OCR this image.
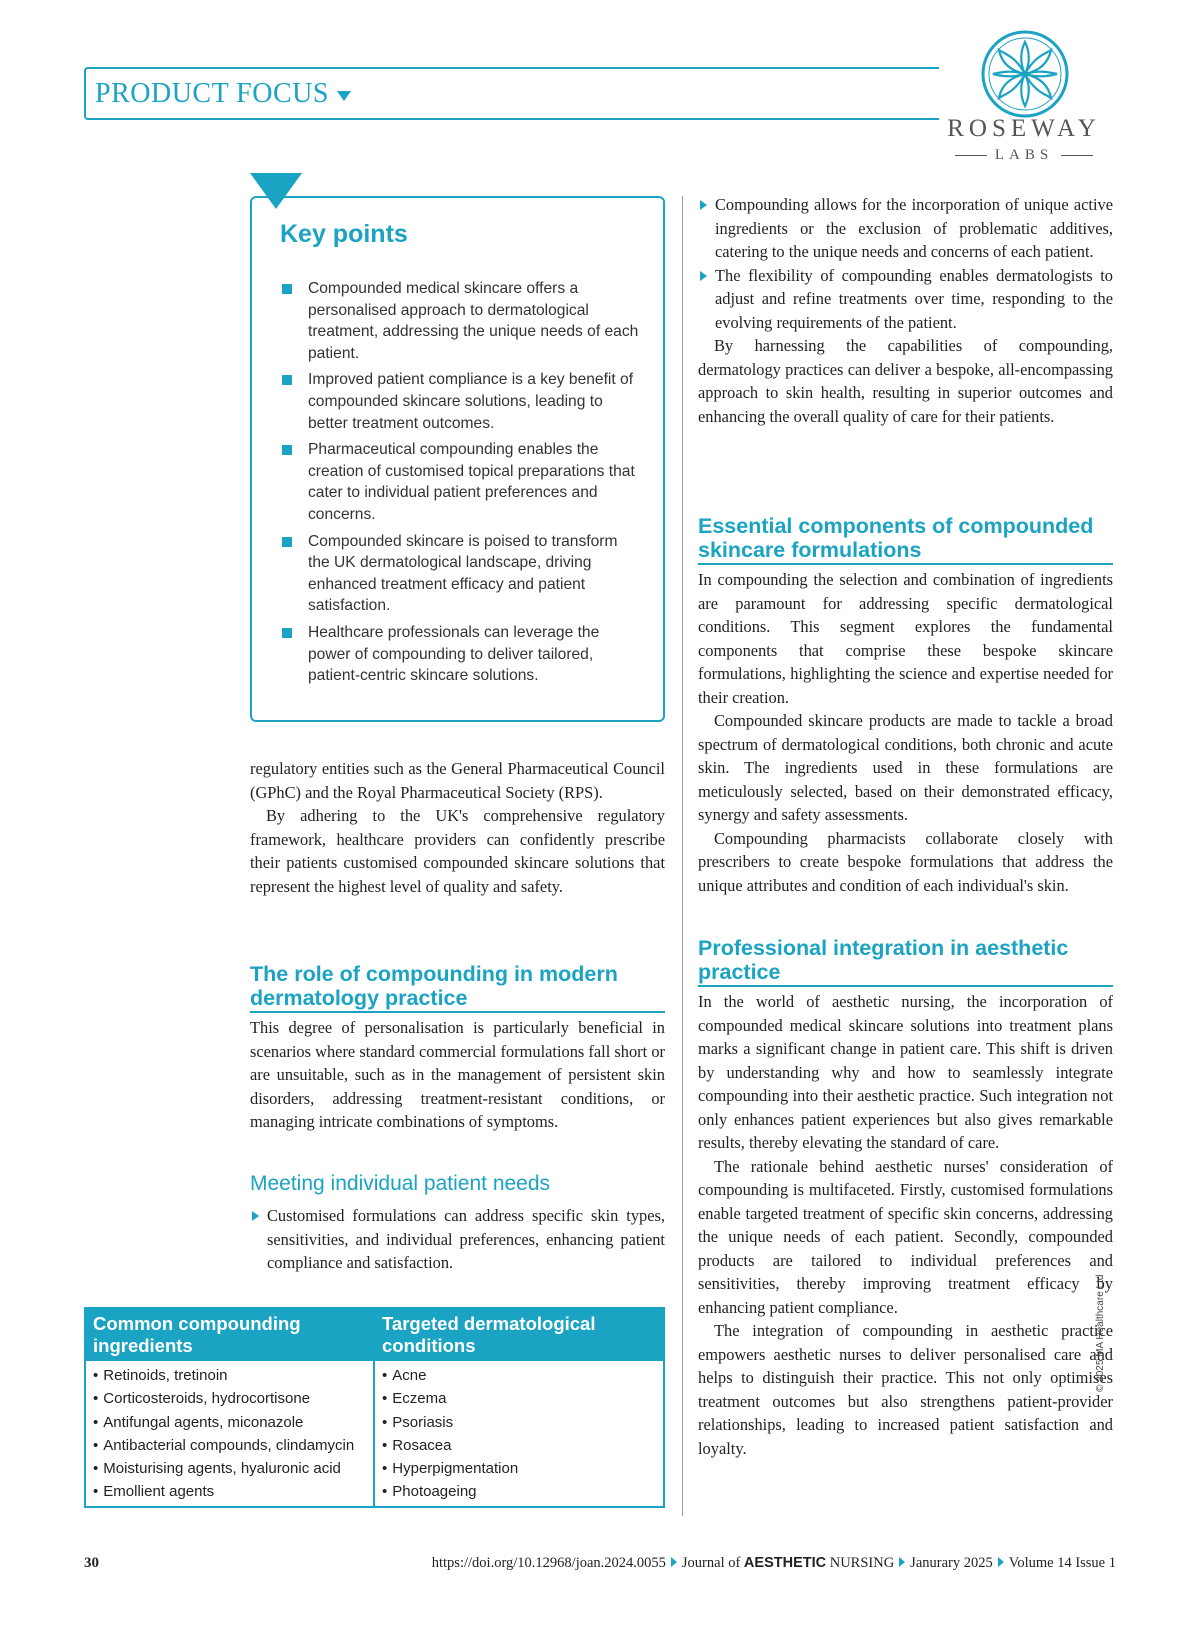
PRODUCT FOCUS
ROSEWAY
LABS
Key points
Compounded medical skincare offers a personalised approach to dermatological treatment, addressing the unique needs of each patient.
Improved patient compliance is a key benefit of compounded skincare solutions, leading to better treatment outcomes.
Pharmaceutical compounding enables the creation of customised topical preparations that cater to individual patient preferences and concerns.
Compounded skincare is poised to transform the UK dermatological landscape, driving enhanced treatment efficacy and patient satisfaction.
Healthcare professionals can leverage the power of compounding to deliver tailored, patient-centric skincare solutions.

regulatory entities such as the General Pharmaceutical Council (GPhC) and the Royal Pharmaceutical Society (RPS).

By adhering to the UK's comprehensive regulatory framework, healthcare providers can confidently prescribe their patients customised compounded skincare solutions that represent the highest level of quality and safety.

The role of compounding in modern dermatology practice

This degree of personalisation is particularly beneficial in scenarios where standard commercial formulations fall short or are unsuitable, such as in the management of persistent skin disorders, addressing treatment-resistant conditions, or managing intricate combinations of symptoms.

Meeting individual patient needs
Customised formulations can address specific skin types, sensitivities, and individual preferences, enhancing patient compliance and satisfaction.
Common compounding ingredients
Targeted dermatological conditions
• Retinoids, tretinoin
• Corticosteroids, hydrocortisone
• Antifungal agents, miconazole
• Antibacterial compounds, clindamycin
• Moisturising agents, hyaluronic acid
• Emollient agents
• Acne
• Eczema
• Psoriasis
• Rosacea
• Hyperpigmentation
• Photoageing
Compounding allows for the incorporation of unique active ingredients or the exclusion of problematic additives, catering to the unique needs and concerns of each patient.
The flexibility of compounding enables dermatologists to adjust and refine treatments over time, responding to the evolving requirements of the patient.

By harnessing the capabilities of compounding, dermatology practices can deliver a bespoke, all-encompassing approach to skin health, resulting in superior outcomes and enhancing the overall quality of care for their patients.

Essential components of compounded skincare formulations

In compounding the selection and combination of ingredients are paramount for addressing specific dermatological conditions. This segment explores the fundamental components that comprise these bespoke skincare formulations, highlighting the science and expertise needed for their creation.

Compounded skincare products are made to tackle a broad spectrum of dermatological conditions, both chronic and acute skin. The ingredients used in these formulations are meticulously selected, based on their demonstrated efficacy, synergy and safety assessments.

Compounding pharmacists collaborate closely with prescribers to create bespoke formulations that address the unique attributes and condition of each individual's skin.

Professional integration in aesthetic practice

In the world of aesthetic nursing, the incorporation of compounded medical skincare solutions into treatment plans marks a significant change in patient care. This shift is driven by understanding why and how to seamlessly integrate compounding into their aesthetic practice. Such integration not only enhances patient experiences but also gives remarkable results, thereby elevating the standard of care.

The rationale behind aesthetic nurses' consideration of compounding is multifaceted. Firstly, customised formulations enable targeted treatment of specific skin concerns, addressing the unique needs of each patient. Secondly, compounded products are tailored to individual preferences and sensitivities, thereby improving treatment efficacy by enhancing patient compliance.

The integration of compounding in aesthetic practice empowers aesthetic nurses to deliver personalised care and helps to distinguish their practice. This not only optimises treatment outcomes but also strengthens patient-provider relationships, leading to increased patient satisfaction and loyalty.

© 2025 MA Healthcare Ltd
30	https://doi.org/10.12968/joan.2024.0055 Journal of AESTHETIC NURSING Janurary 2025 Volume 14 Issue 1
